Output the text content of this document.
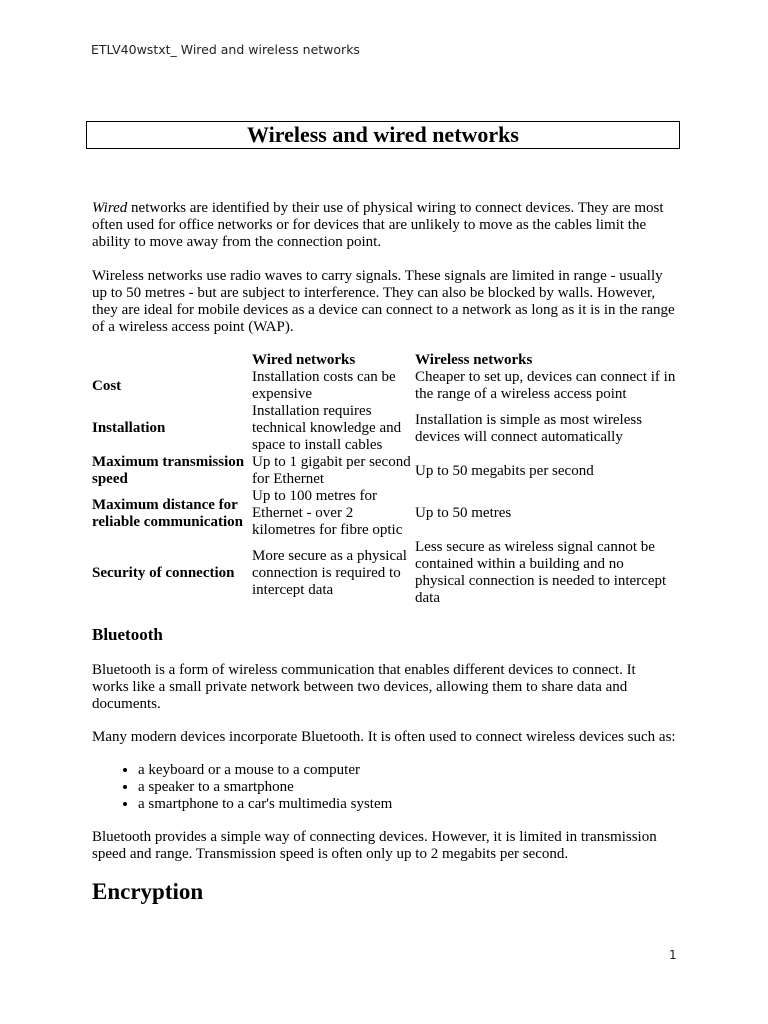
ETLV40wstxt_ Wired and wireless networks
Wireless and wired networks

Wired networks are identified by their use of physical wiring to connect devices. They are most often used for office networks or for devices that are unlikely to move as the cables limit the ability to move away from the connection point.

Wireless networks use radio waves to carry signals. These signals are limited in range - usually up to 50 metres - but are subject to interference. They can also be blocked by walls. However, they are ideal for mobile devices as a device can connect to a network as long as it is in the range of a wireless access point (WAP).

	Wired networks	Wireless networks
Cost	Installation costs can be expensive	Cheaper to set up, devices can connect if in the range of a wireless access point
Installation	Installation requires technical knowledge and space to install cables	Installation is simple as most wireless devices will connect automatically
Maximum transmission speed	Up to 1 gigabit per second for Ethernet	Up to 50 megabits per second
Maximum distance for reliable communication	Up to 100 metres for Ethernet - over 2 kilometres for fibre optic	Up to 50 metres
Security of connection	More secure as a physical connection is required to intercept data	Less secure as wireless signal cannot be contained within a building and no physical connection is needed to intercept data
Bluetooth

Bluetooth is a form of wireless communication that enables different devices to connect. It works like a small private network between two devices, allowing them to share data and documents.

Many modern devices incorporate Bluetooth. It is often used to connect wireless devices such as:

• a keyboard or a mouse to a computer
• a speaker to a smartphone
• a smartphone to a car's multimedia system

Bluetooth provides a simple way of connecting devices. However, it is limited in transmission speed and range. Transmission speed is often only up to 2 megabits per second.

Encryption
1
